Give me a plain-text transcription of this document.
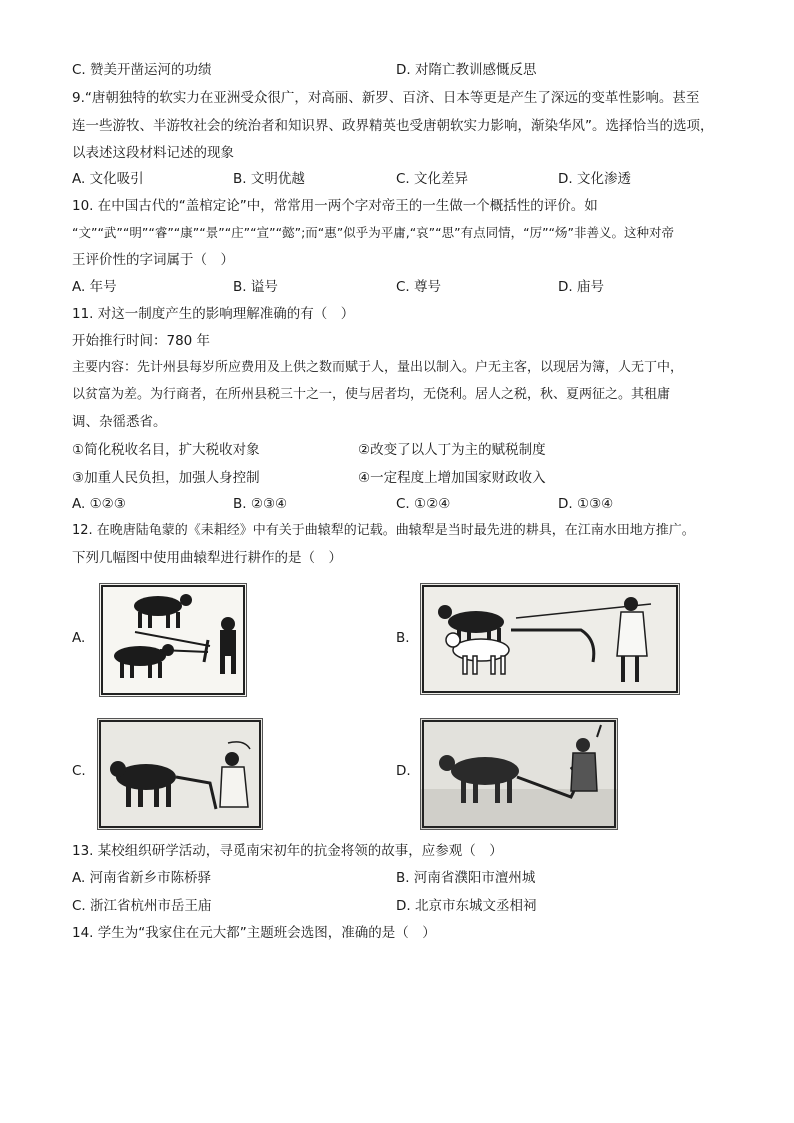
C. 赞美开凿运河的功绩	D. 对隋亡教训感慨反思
9.“唐朝独特的软实力在亚洲受众很广，对高丽、新罗、百济、日本等更是产生了深远的变革性影响。甚至
连一些游牧、半游牧社会的统治者和知识界、政界精英也受唐朝软实力影响，渐染华风”。选择恰当的选项，
以表述这段材料记述的现象
A. 文化吸引	B. 文明优越	C. 文化差异	D. 文化渗透
10. 在中国古代的“盖棺定论”中，常常用一两个字对帝王的一生做一个概括性的评价。如
“文”“武”“明”“睿”“康”“景”“庄”“宣”“懿”;而“惠”似乎为平庸,“哀”“思”有点同情，“厉”“炀”非善义。这种对帝
王评价性的字词属于（　）
A. 年号	B. 谥号	C. 尊号	D. 庙号
11. 对这一制度产生的影响理解准确的有（　）
开始推行时间：780 年
主要内容：先计州县每岁所应费用及上供之数而赋于人，量出以制入。户无主客，以现居为簿，人无丁中，
以贫富为差。为行商者，在所州县税三十之一，使与居者均，无侥利。居人之税，秋、夏两征之。其租庸
调、杂徭悉省。
①简化税收名目，扩大税收对象	②改变了以人丁为主的赋税制度
③加重人民负担，加强人身控制	④一定程度上增加国家财政收入
A. ①②③	B. ②③④	C. ①②④	D. ①③④
12. 在晚唐陆龟蒙的《耒耜经》中有关于曲辕犁的记载。曲辕犁是当时最先进的耕具，在江南水田地方推广。
下列几幅图中使用曲辕犁进行耕作的是（　）
A.	B.
C.	D.
13. 某校组织研学活动，寻觅南宋初年的抗金将领的故事，应参观（　）
A. 河南省新乡市陈桥驿	B. 河南省濮阳市澶州城
C. 浙江省杭州市岳王庙	D. 北京市东城文丞相祠
14. 学生为“我家住在元大都”主题班会选图，准确的是（　）
